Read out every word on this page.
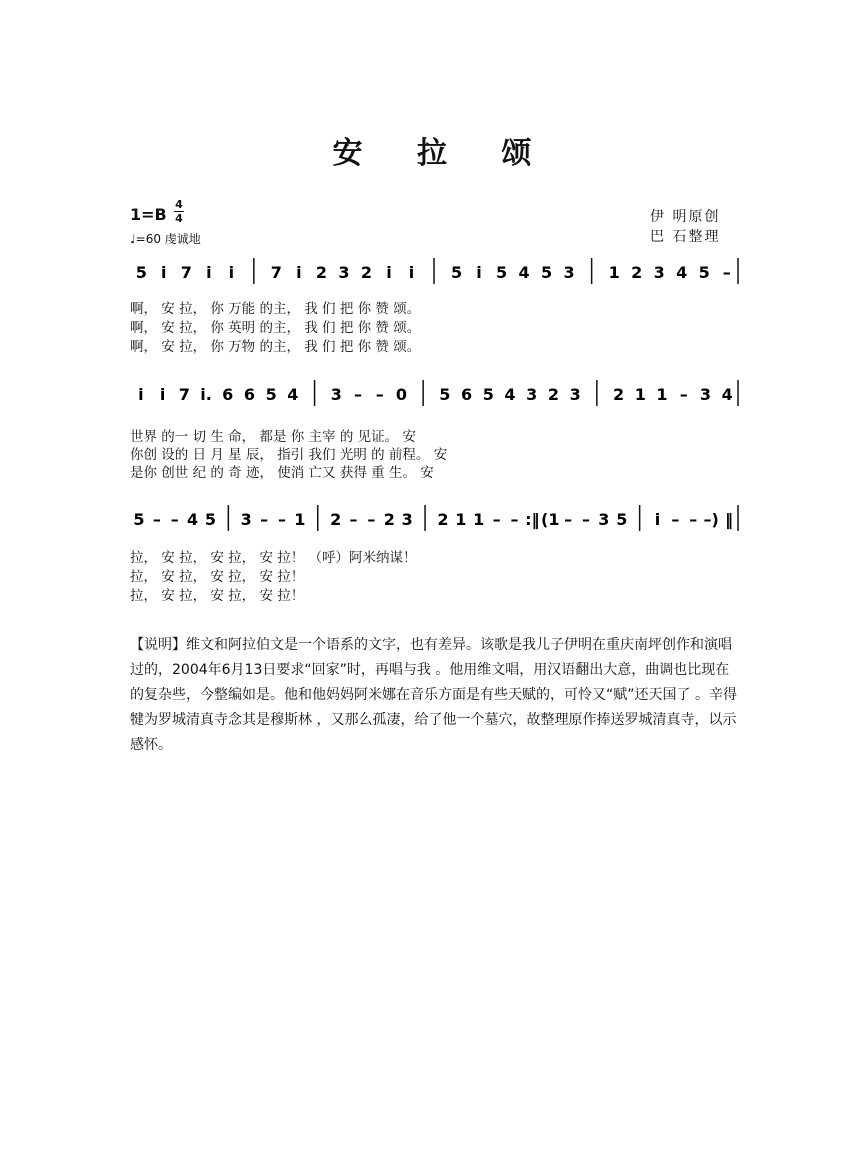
安 拉 颂
1=B
4
4
♩=60 虔诚地
伊 明原创
巴 石整理
5 i 7 i i 7 i 2 3 2 i i 5 i 5 4 5 3 1 2 3 4 5 –
i i 7 i. 6 6 5 4 3 – – 0 5 6 5 4 3 2 3 2 1 1 – 3 4
5 – – 4 5 3 – – 1 2 – – 2 3 2 1 1 – – :‖ (1 – – 3 5 i – – –) ‖
啊， 安 拉， 你 万能 的主， 我 们 把 你 赞 颂。
啊， 安 拉， 你 英明 的主， 我 们 把 你 赞 颂。
啊， 安 拉， 你 万物 的主， 我 们 把 你 赞 颂。
世界 的一 切 生 命， 都是 你 主宰 的 见证。 安
你创 设的 日 月 星 辰， 指引 我们 光明 的 前程。 安
是你 创世 纪 的 奇 迹， 使消 亡又 获得 重 生。 安
拉， 安 拉， 安 拉， 安 拉！ （呼）阿米纳谋！
拉， 安 拉， 安 拉， 安 拉！
拉， 安 拉， 安 拉， 安 拉！
【说明】维文和阿拉伯文是一个语系的文字，也有差异。该歌是我儿子伊明在重庆南坪创作和演唱过的，2004年6月13日要求“回家”时，再唱与我 。他用维文唱，用汉语翻出大意，曲调也比现在的复杂些，今整编如是。他和他妈妈阿米娜在音乐方面是有些天赋的，可怜又“赋”还天国了 。辛得犍为罗城清真寺念其是穆斯林 ，又那么孤凄，给了他一个墓穴，故整理原作捧送罗城清真寺，以示感怀。
